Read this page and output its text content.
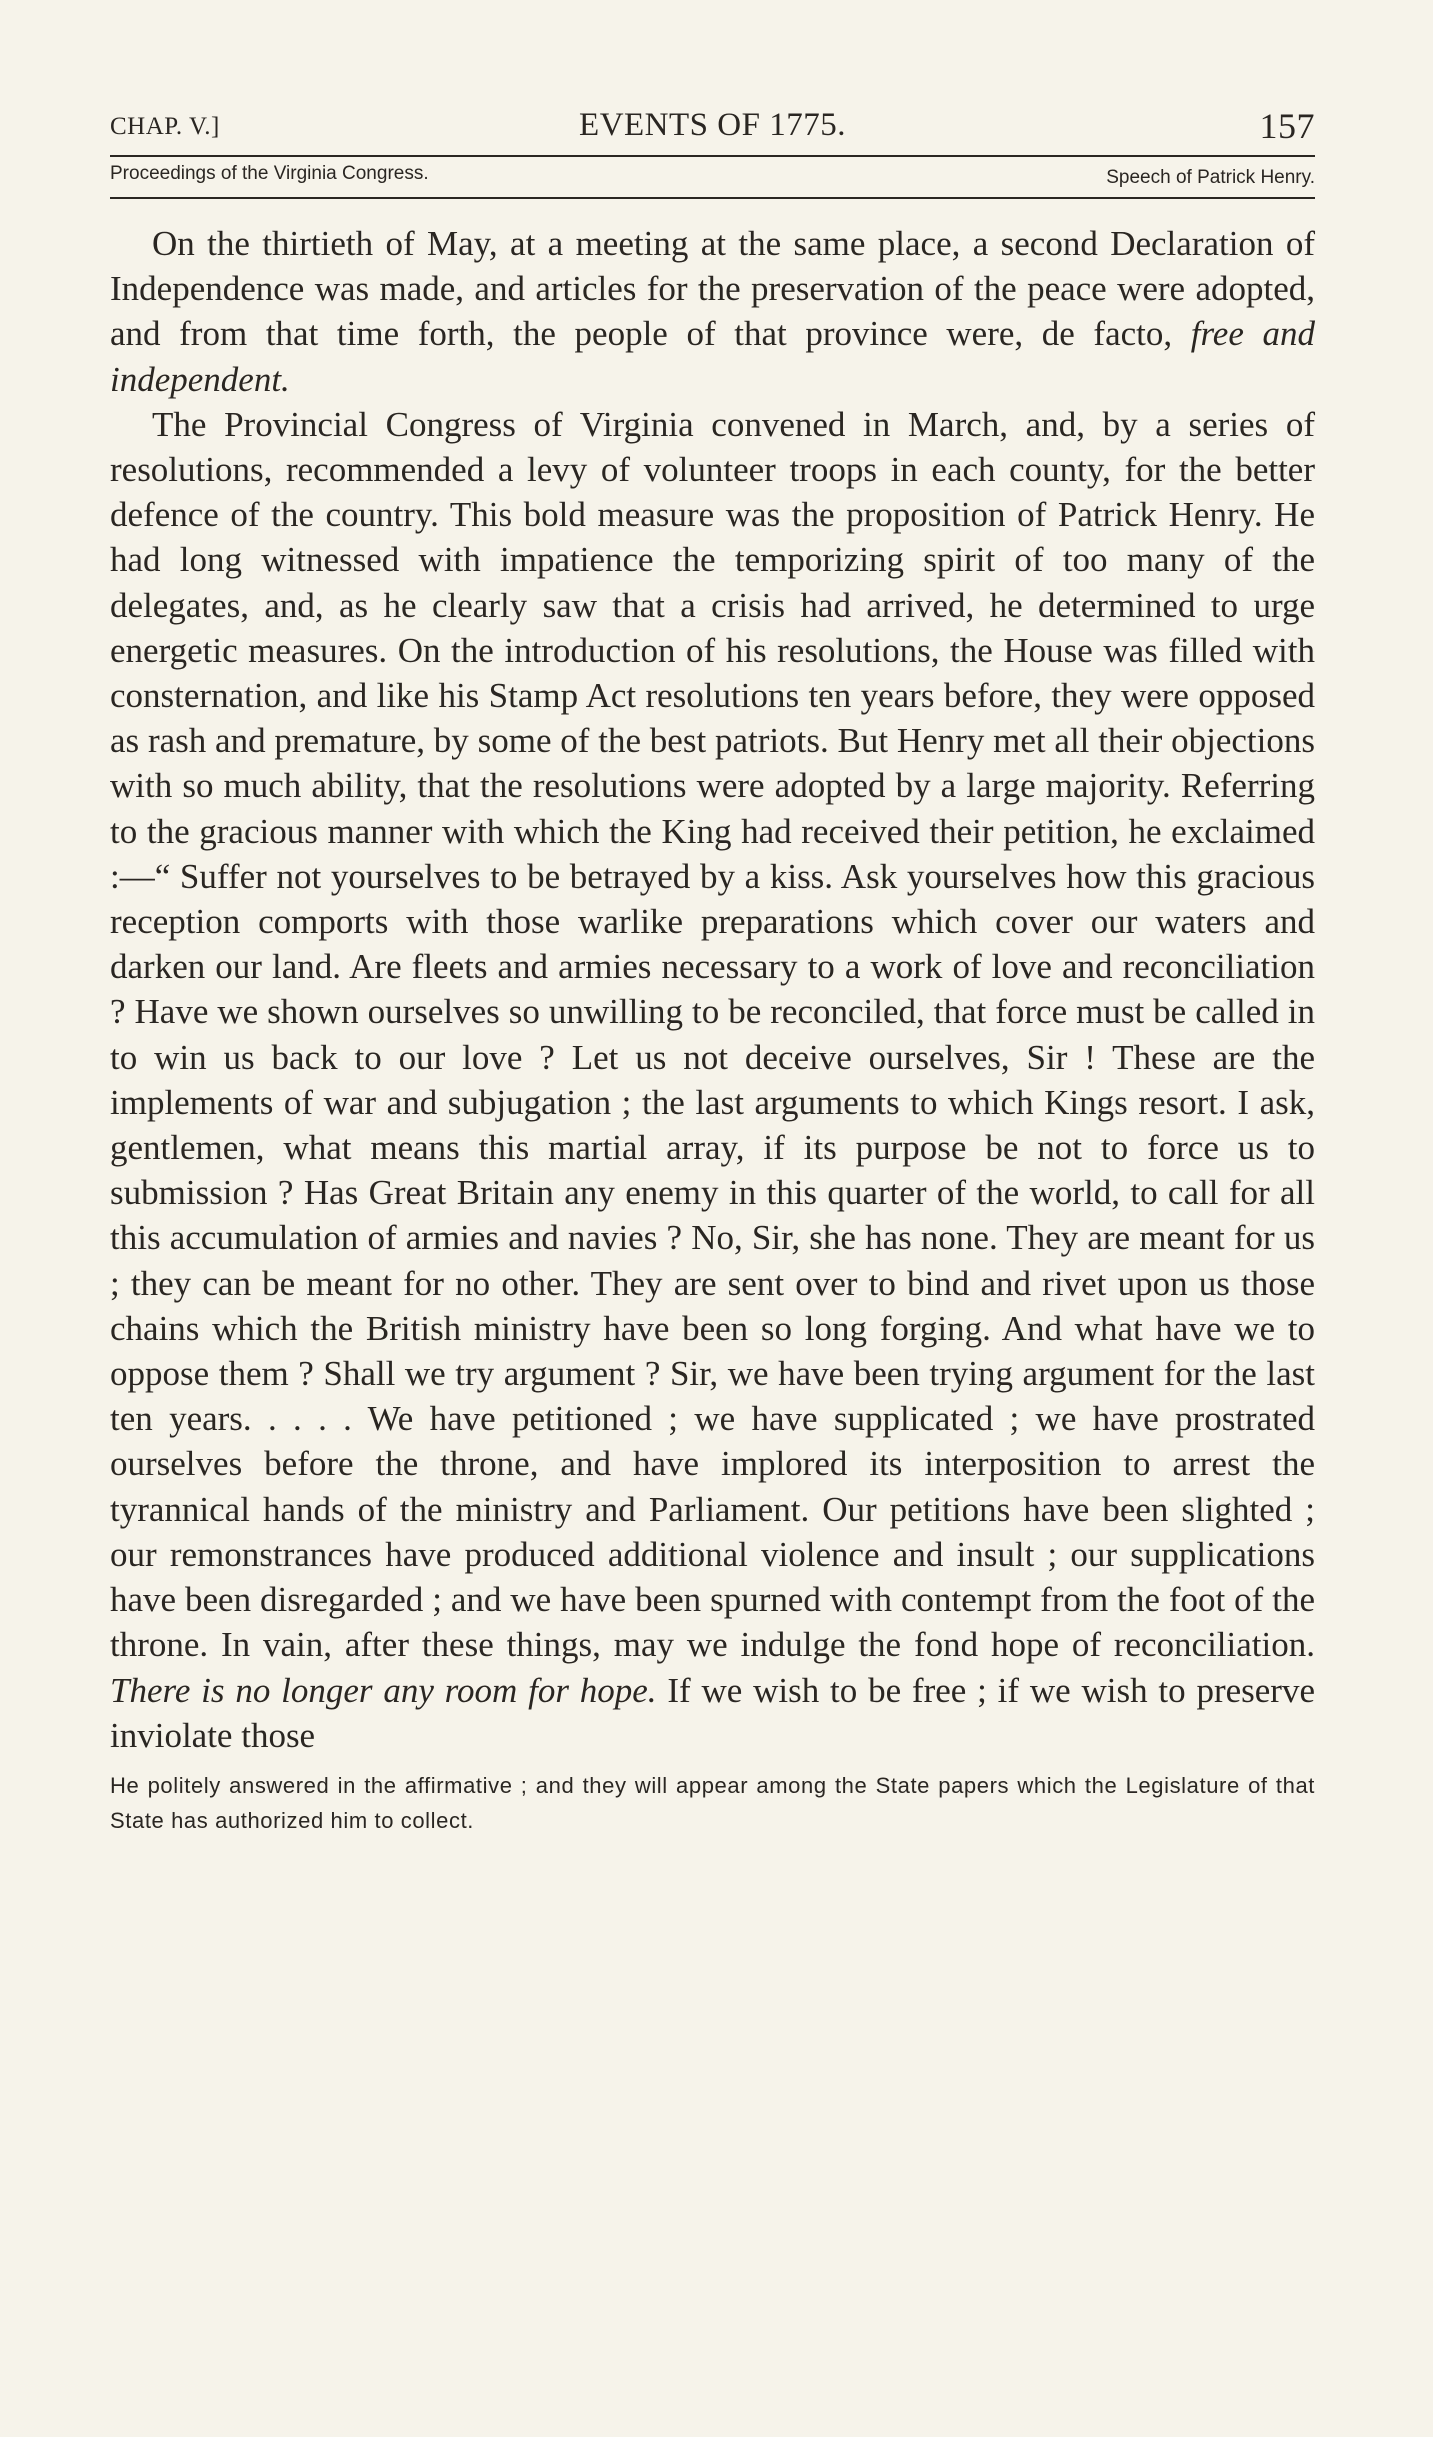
CHAP. V.]	EVENTS OF 1775.	157
Proceedings of the Virginia Congress.	Speech of Patrick Henry.

On the thirtieth of May, at a meeting at the same place, a second Declaration of Independence was made, and articles for the preservation of the peace were adopted, and from that time forth, the people of that province were, de facto, free and independent.

The Provincial Congress of Virginia convened in March, and, by a series of resolutions, recommended a levy of volunteer troops in each county, for the better defence of the country. This bold measure was the proposition of Patrick Henry. He had long witnessed with impatience the temporizing spirit of too many of the delegates, and, as he clearly saw that a crisis had arrived, he determined to urge energetic measures. On the introduction of his resolutions, the House was filled with consternation, and like his Stamp Act resolutions ten years before, they were opposed as rash and premature, by some of the best patriots. But Henry met all their objections with so much ability, that the resolutions were adopted by a large majority. Referring to the gracious manner with which the King had received their petition, he exclaimed :—“ Suffer not yourselves to be betrayed by a kiss. Ask yourselves how this gracious reception comports with those warlike preparations which cover our waters and darken our land. Are fleets and armies necessary to a work of love and reconciliation ? Have we shown ourselves so unwilling to be reconciled, that force must be called in to win us back to our love ? Let us not deceive ourselves, Sir ! These are the implements of war and subjugation ; the last arguments to which Kings resort. I ask, gentlemen, what means this martial array, if its purpose be not to force us to submission ? Has Great Britain any enemy in this quarter of the world, to call for all this accumulation of armies and navies ? No, Sir, she has none. They are meant for us ; they can be meant for no other. They are sent over to bind and rivet upon us those chains which the British ministry have been so long forging. And what have we to oppose them ? Shall we try argument ? Sir, we have been trying argument for the last ten years. . . . . We have petitioned ; we have supplicated ; we have prostrated ourselves before the throne, and have implored its interposition to arrest the tyrannical hands of the ministry and Parliament. Our petitions have been slighted ; our remonstrances have produced additional violence and insult ; our supplications have been disregarded ; and we have been spurned with contempt from the foot of the throne. In vain, after these things, may we indulge the fond hope of reconciliation. There is no longer any room for hope. If we wish to be free ; if we wish to preserve inviolate those

He politely answered in the affirmative ; and they will appear among the State papers which the Legislature of that State has authorized him to collect.
